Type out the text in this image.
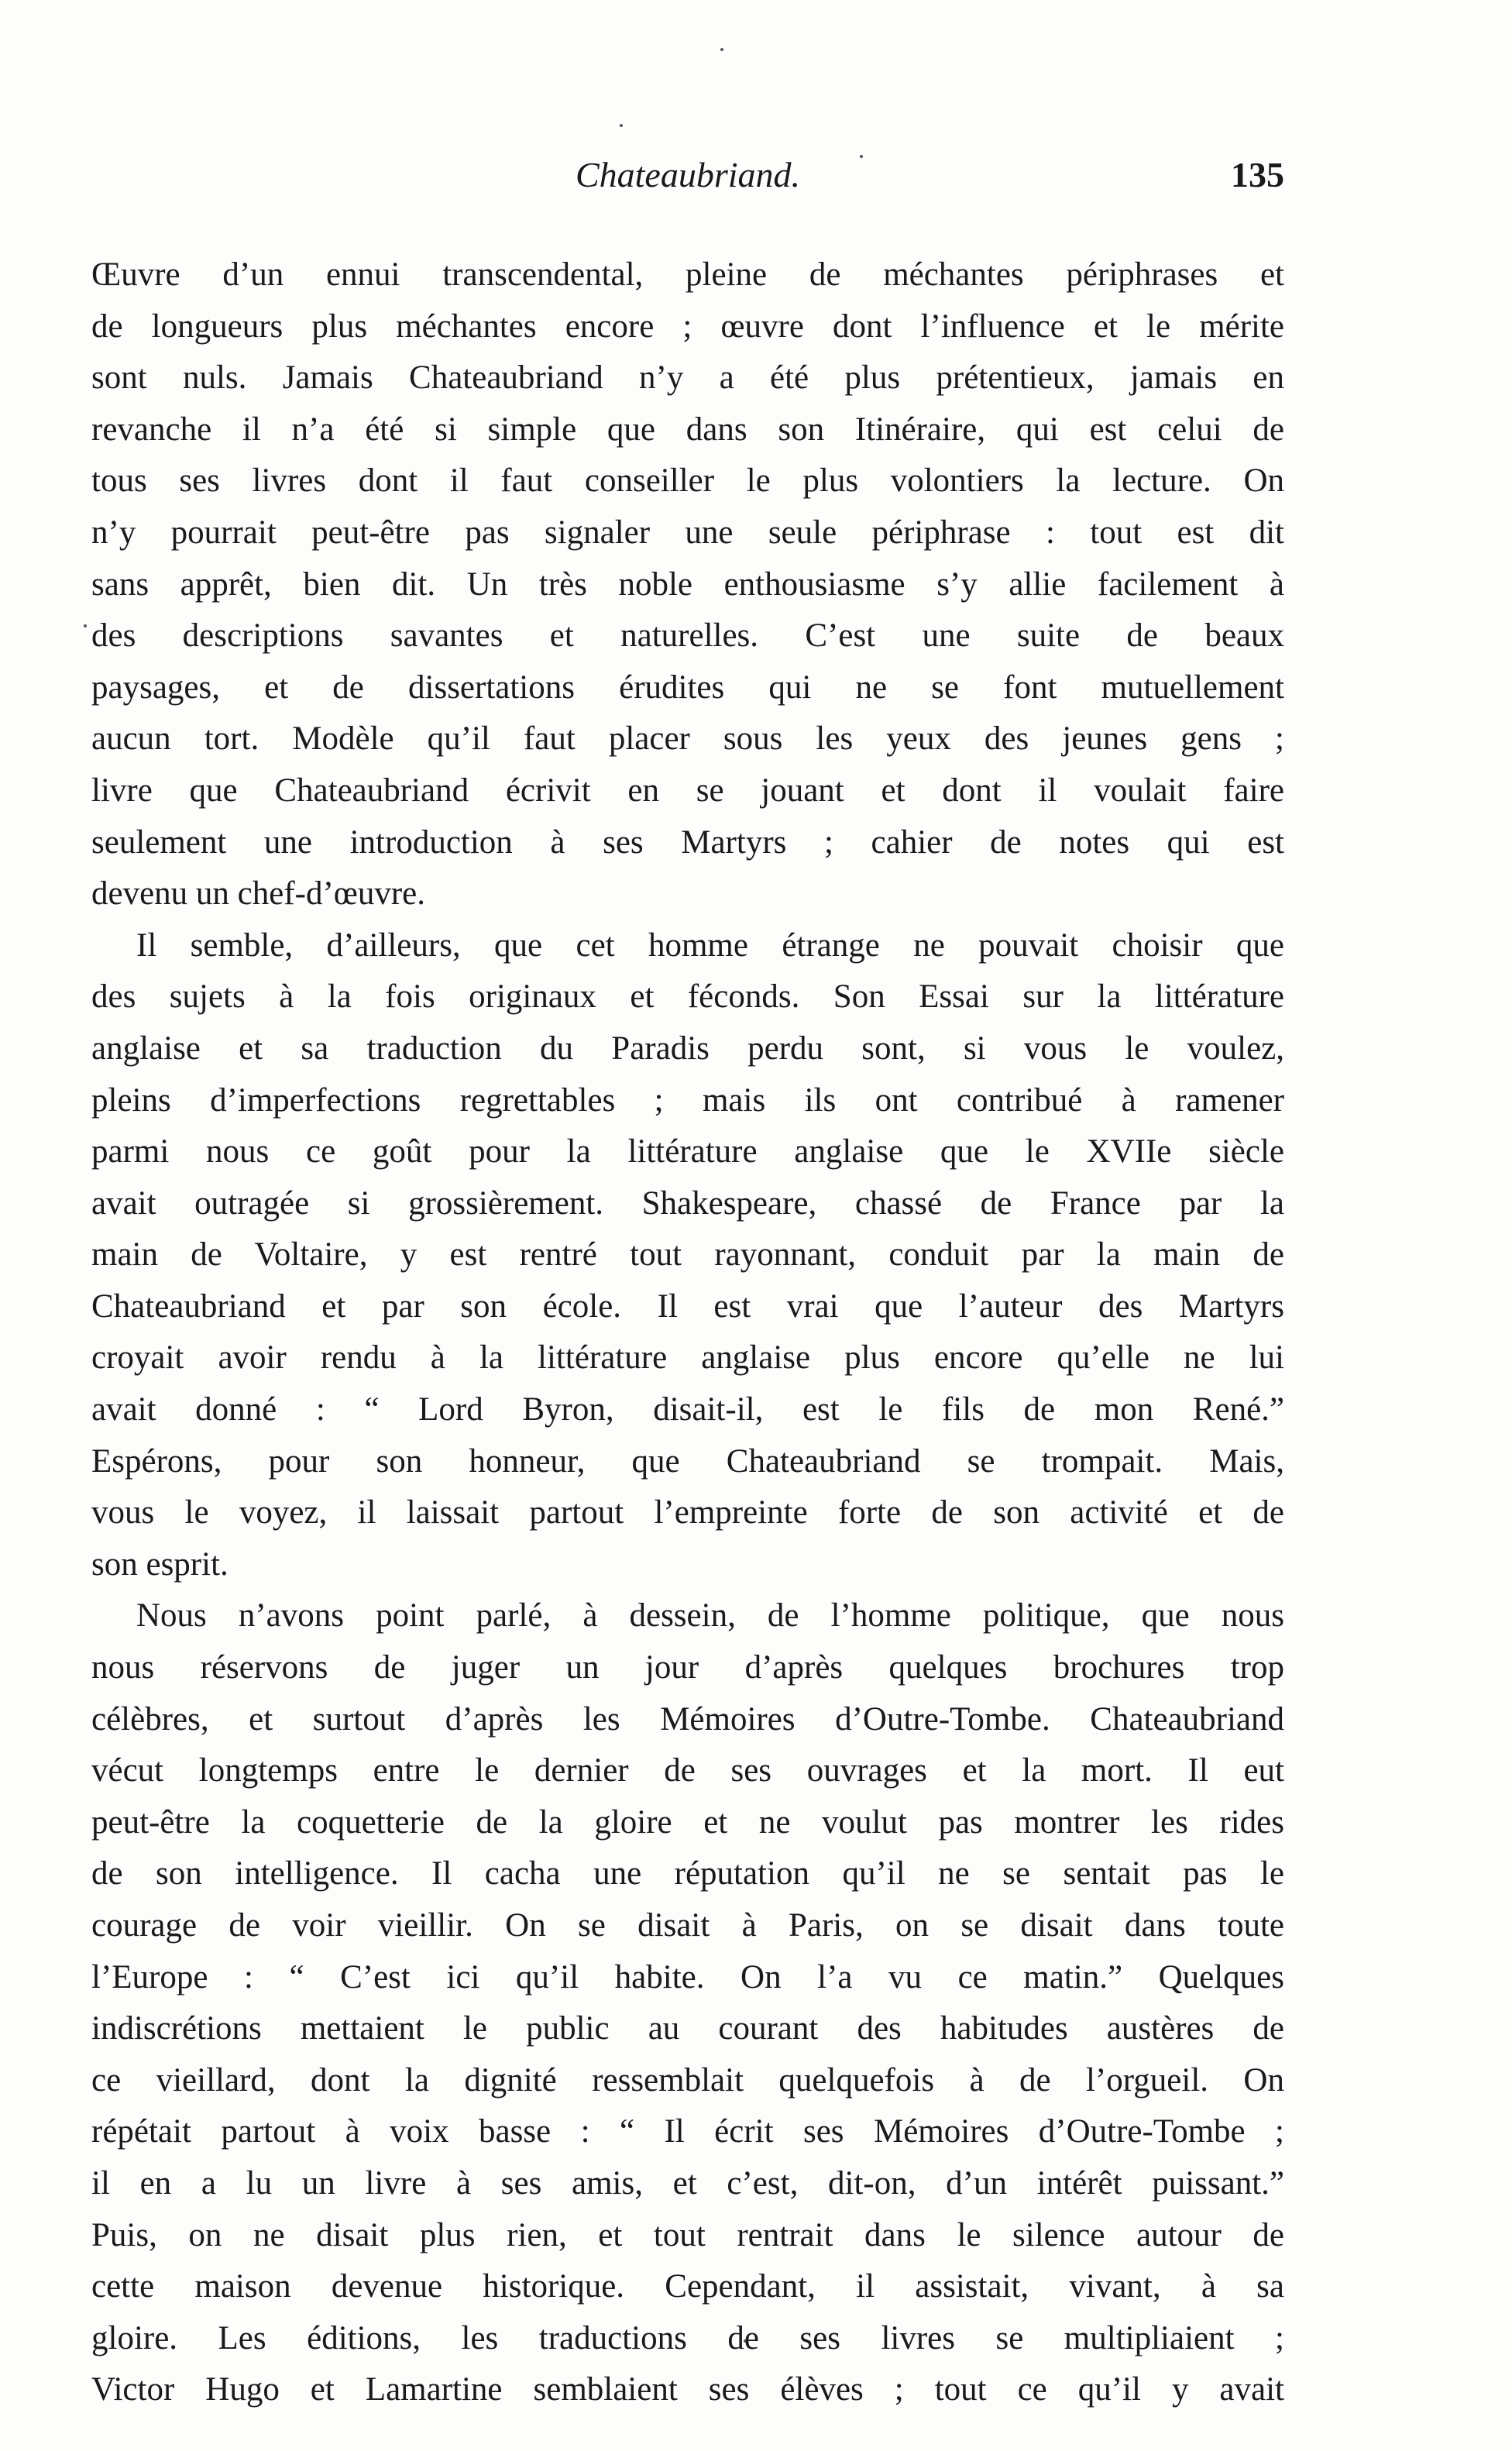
Chateaubriand.	135
Œuvre d’un ennui transcendental, pleine de méchantes périphrases et
de longueurs plus méchantes encore ; œuvre dont l’influence et le mérite
sont nuls. Jamais Chateaubriand n’y a été plus prétentieux, jamais en
revanche il n’a été si simple que dans son Itinéraire, qui est celui de
tous ses livres dont il faut conseiller le plus volontiers la lecture. On
n’y pourrait peut-être pas signaler une seule périphrase : tout est dit
sans apprêt, bien dit. Un très noble enthousiasme s’y allie facilement à
des descriptions savantes et naturelles. C’est une suite de beaux
paysages, et de dissertations érudites qui ne se font mutuellement
aucun tort. Modèle qu’il faut placer sous les yeux des jeunes gens ;
livre que Chateaubriand écrivit en se jouant et dont il voulait faire
seulement une introduction à ses Martyrs ; cahier de notes qui est
devenu un chef-d’œuvre.
Il semble, d’ailleurs, que cet homme étrange ne pouvait choisir que
des sujets à la fois originaux et féconds. Son Essai sur la littérature
anglaise et sa traduction du Paradis perdu sont, si vous le voulez,
pleins d’imperfections regrettables ; mais ils ont contribué à ramener
parmi nous ce goût pour la littérature anglaise que le XVIIe siècle
avait outragée si grossièrement. Shakespeare, chassé de France par la
main de Voltaire, y est rentré tout rayonnant, conduit par la main de
Chateaubriand et par son école. Il est vrai que l’auteur des Martyrs
croyait avoir rendu à la littérature anglaise plus encore qu’elle ne lui
avait donné : “ Lord Byron, disait-il, est le fils de mon René.”
Espérons, pour son honneur, que Chateaubriand se trompait. Mais,
vous le voyez, il laissait partout l’empreinte forte de son activité et de
son esprit.
Nous n’avons point parlé, à dessein, de l’homme politique, que nous
nous réservons de juger un jour d’après quelques brochures trop
célèbres, et surtout d’après les Mémoires d’Outre-Tombe. Chateaubriand
vécut longtemps entre le dernier de ses ouvrages et la mort. Il eut
peut-être la coquetterie de la gloire et ne voulut pas montrer les rides
de son intelligence. Il cacha une réputation qu’il ne se sentait pas le
courage de voir vieillir. On se disait à Paris, on se disait dans toute
l’Europe : “ C’est ici qu’il habite. On l’a vu ce matin.” Quelques
indiscrétions mettaient le public au courant des habitudes austères de
ce vieillard, dont la dignité ressemblait quelquefois à de l’orgueil. On
répétait partout à voix basse : “ Il écrit ses Mémoires d’Outre-Tombe ;
il en a lu un livre à ses amis, et c’est, dit-on, d’un intérêt puissant.”
Puis, on ne disait plus rien, et tout rentrait dans le silence autour de
cette maison devenue historique. Cependant, il assistait, vivant, à sa
gloire. Les éditions, les traductions de ses livres se multipliaient ;
Victor Hugo et Lamartine semblaient ses élèves ; tout ce qu’il y avait
